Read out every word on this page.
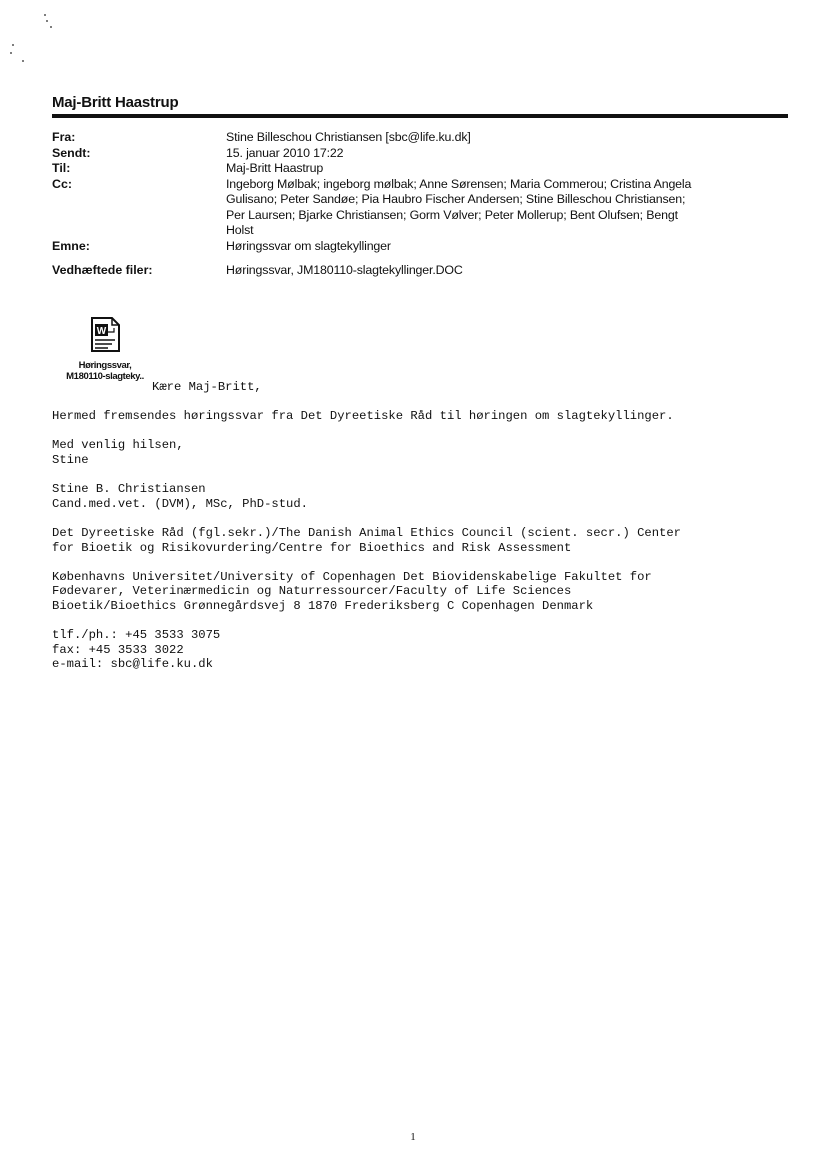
Maj-Britt Haastrup
Fra:	Stine Billeschou Christiansen [sbc@life.ku.dk]
Sendt:	15. januar 2010 17:22
Til:	Maj-Britt Haastrup
Cc:	Ingeborg Mølbak; ingeborg mølbak; Anne Sørensen; Maria Commerou; Cristina Angela
Gulisano; Peter Sandøe; Pia Haubro Fischer Andersen; Stine Billeschou Christiansen;
Per Laursen; Bjarke Christiansen; Gorm Vølver; Peter Mollerup; Bent Olufsen; Bengt
Holst
Emne:	Høringssvar om slagtekyllinger
Vedhæftede filer:	Høringssvar, JM180110-slagtekyllinger.DOC
W
Høringssvar,
M180110-slagteky..
Kære Maj-Britt,
Hermed fremsendes høringssvar fra Det Dyreetiske Råd til høringen om slagtekyllinger.
Med venlig hilsen,
Stine
Stine B. Christiansen
Cand.med.vet. (DVM), MSc, PhD-stud.
Det Dyreetiske Råd (fgl.sekr.)/The Danish Animal Ethics Council (scient. secr.) Center
for Bioetik og Risikovurdering/Centre for Bioethics and Risk Assessment
Københavns Universitet/University of Copenhagen Det Biovidenskabelige Fakultet for
Fødevarer, Veterinærmedicin og Naturressourcer/Faculty of Life Sciences
Bioetik/Bioethics Grønnegårdsvej 8 1870 Frederiksberg C Copenhagen Denmark
tlf./ph.: +45 3533 3075
fax: +45 3533 3022
e-mail: sbc@life.ku.dk
1
